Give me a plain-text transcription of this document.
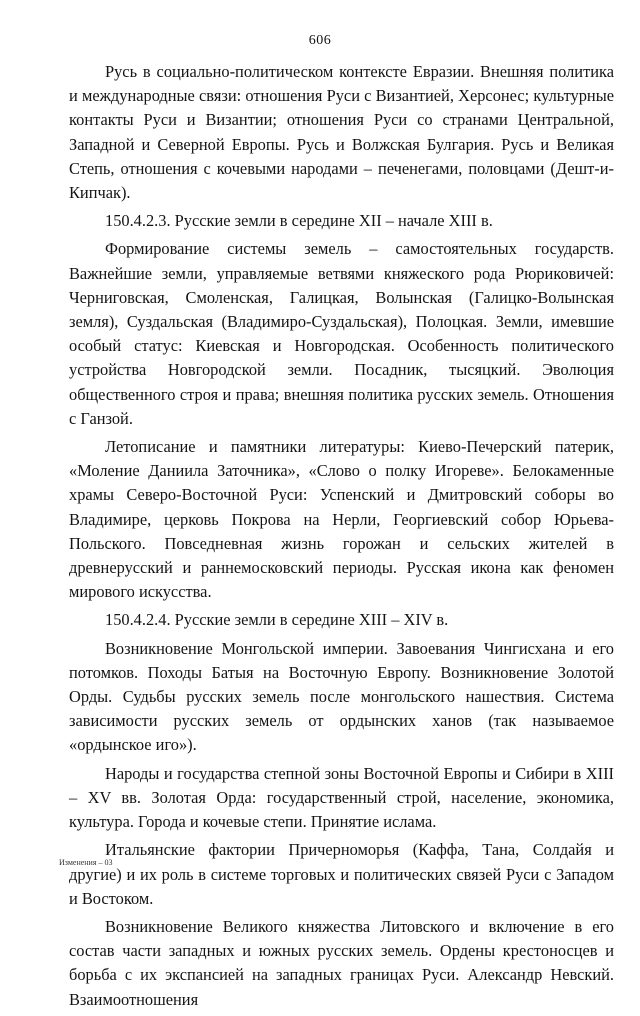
606

Русь в социально-политическом контексте Евразии. Внешняя политика и международные связи: отношения Руси с Византией, Херсонес; культурные контакты Руси и Византии; отношения Руси со странами Центральной, Западной и Северной Европы. Русь и Волжская Булгария. Русь и Великая Степь, отношения с кочевыми народами – печенегами, половцами (Дешт-и-Кипчак).

150.4.2.3. Русские земли в середине XII – начале XIII в.

Формирование системы земель – самостоятельных государств. Важнейшие земли, управляемые ветвями княжеского рода Рюриковичей: Черниговская, Смоленская, Галицкая, Волынская (Галицко-Волынская земля), Суздальская (Владимиро-Суздальская), Полоцкая. Земли, имевшие особый статус: Киевская и Новгородская. Особенность политического устройства Новгородской земли. Посадник, тысяцкий. Эволюция общественного строя и права; внешняя политика русских земель. Отношения с Ганзой.

Летописание и памятники литературы: Киево-Печерский патерик, «Моление Даниила Заточника», «Слово о полку Игореве». Белокаменные храмы Северо-Восточной Руси: Успенский и Дмитровский соборы во Владимире, церковь Покрова на Нерли, Георгиевский собор Юрьева-Польского. Повседневная жизнь горожан и сельских жителей в древнерусский и раннемосковский периоды. Русская икона как феномен мирового искусства.

150.4.2.4. Русские земли в середине XIII – XIV в.

Возникновение Монгольской империи. Завоевания Чингисхана и его потомков. Походы Батыя на Восточную Европу. Возникновение Золотой Орды. Судьбы русских земель после монгольского нашествия. Система зависимости русских земель от ордынских ханов (так называемое «ордынское иго»).

Народы и государства степной зоны Восточной Европы и Сибири в XIII – XV вв. Золотая Орда: государственный строй, население, экономика, культура. Города и кочевые степи. Принятие ислама.

Итальянские фактории Причерноморья (Каффа, Тана, Солдайя и другие) и их роль в системе торговых и политических связей Руси с Западом и Востоком.

Возникновение Великого княжества Литовского и включение в его состав части западных и южных русских земель. Ордены крестоносцев и борьба с их экспансией на западных границах Руси. Александр Невский. Взаимоотношения

Изменения – 03
